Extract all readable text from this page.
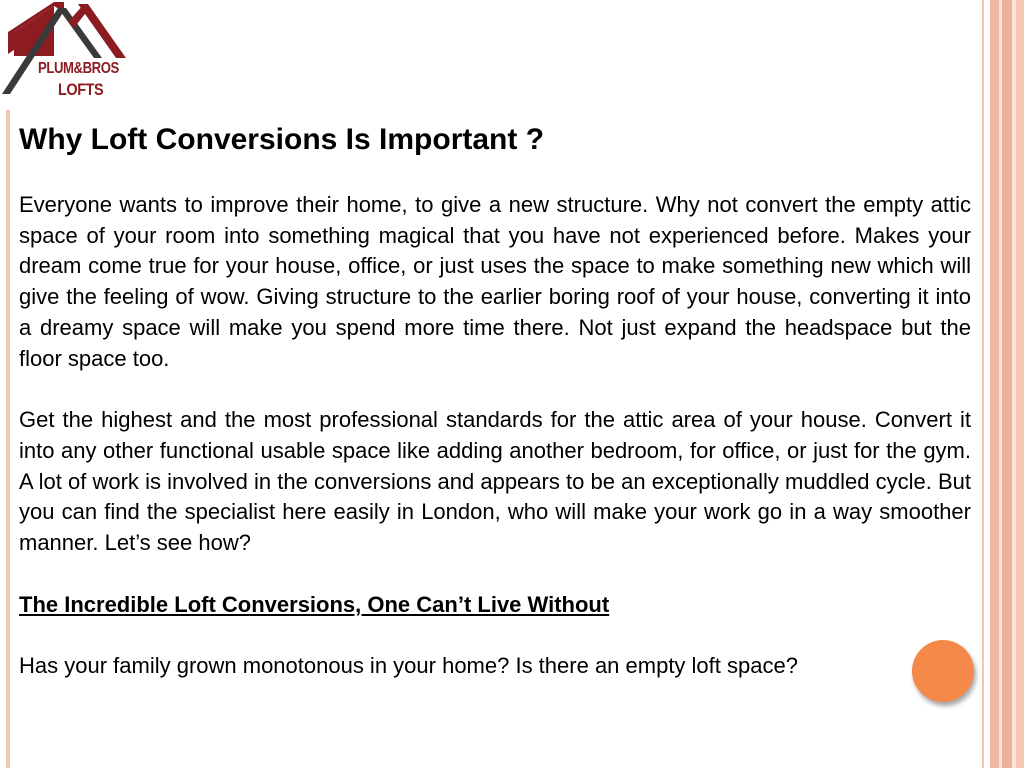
PLUM&BROS
LOFTS
Why Loft Conversions Is Important ?

Everyone wants to improve their home, to give a new structure. Why not convert the empty attic space of your room into something magical that you have not experienced before. Makes your dream come true for your house, office, or just uses the space to make something new which will give the feeling of wow. Giving structure to the earlier boring roof of your house, converting it into a dreamy space will make you spend more time there. Not just expand the headspace but the floor space too.

Get the highest and the most professional standards for the attic area of your house. Convert it into any other functional usable space like adding another bedroom, for office, or just for the gym. A lot of work is involved in the conversions and appears to be an exceptionally muddled cycle. But you can find the specialist here easily in London, who will make your work go in a way smoother manner. Let’s see how?

The Incredible Loft Conversions, One Can’t Live Without

Has your family grown monotonous in your home? Is there an empty loft space?
